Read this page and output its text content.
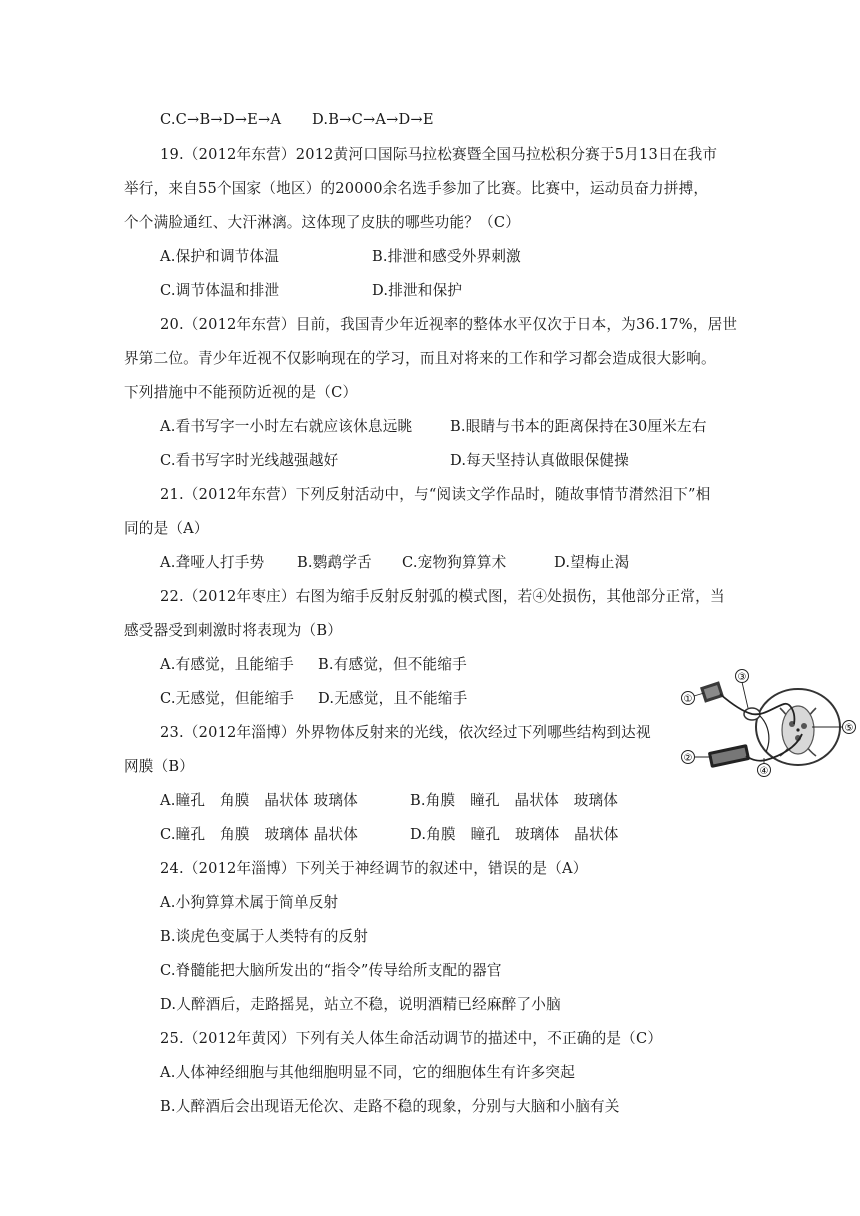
C.C→B→D→E→A D.B→C→A→D→E
19.（2012年东营）2012黄河口国际马拉松赛暨全国马拉松积分赛于5月13日在我市
举行，来自55个国家（地区）的20000余名选手参加了比赛。比赛中，运动员奋力拼搏，
个个满脸通红、大汗淋漓。这体现了皮肤的哪些功能？（C）
A.保护和调节体温	B.排泄和感受外界刺激
C.调节体温和排泄	D.排泄和保护
20.（2012年东营）目前，我国青少年近视率的整体水平仅次于日本，为36.17%，居世
界第二位。青少年近视不仅影响现在的学习，而且对将来的工作和学习都会造成很大影响。
下列措施中不能预防近视的是（C）
A.看书写字一小时左右就应该休息远眺	B.眼睛与书本的距离保持在30厘米左右
C.看书写字时光线越强越好	D.每天坚持认真做眼保健操
21.（2012年东营）下列反射活动中，与“阅读文学作品时，随故事情节潸然泪下”相
同的是（A）
A.聋哑人打手势 B.鹦鹉学舌 C.宠物狗算算术	D.望梅止渴
22.（2012年枣庄）右图为缩手反射反射弧的模式图，若④处损伤，其他部分正常，当
感受器受到刺激时将表现为（B）
A.有感觉，且能缩手 B.有感觉，但不能缩手
C.无感觉，但能缩手 D.无感觉，且不能缩手
23.（2012年淄博）外界物体反射来的光线，依次经过下列哪些结构到达视
网膜（B）
A.瞳孔　角膜　晶状体 玻璃体	B.角膜　瞳孔　晶状体　玻璃体
C.瞳孔　角膜　玻璃体 晶状体	D.角膜　瞳孔　玻璃体　晶状体
24.（2012年淄博）下列关于神经调节的叙述中，错误的是（A）
A.小狗算算术属于简单反射
B.谈虎色变属于人类特有的反射
C.脊髓能把大脑所发出的“指令”传导给所支配的器官
D.人醉酒后，走路摇晃，站立不稳，说明酒精已经麻醉了小脑
25.（2012年黄冈）下列有关人体生命活动调节的描述中，不正确的是（C）
A.人体神经细胞与其他细胞明显不同，它的细胞体生有许多突起
B.人醉酒后会出现语无伦次、走路不稳的现象，分别与大脑和小脑有关
①
②
③
④
⑤
